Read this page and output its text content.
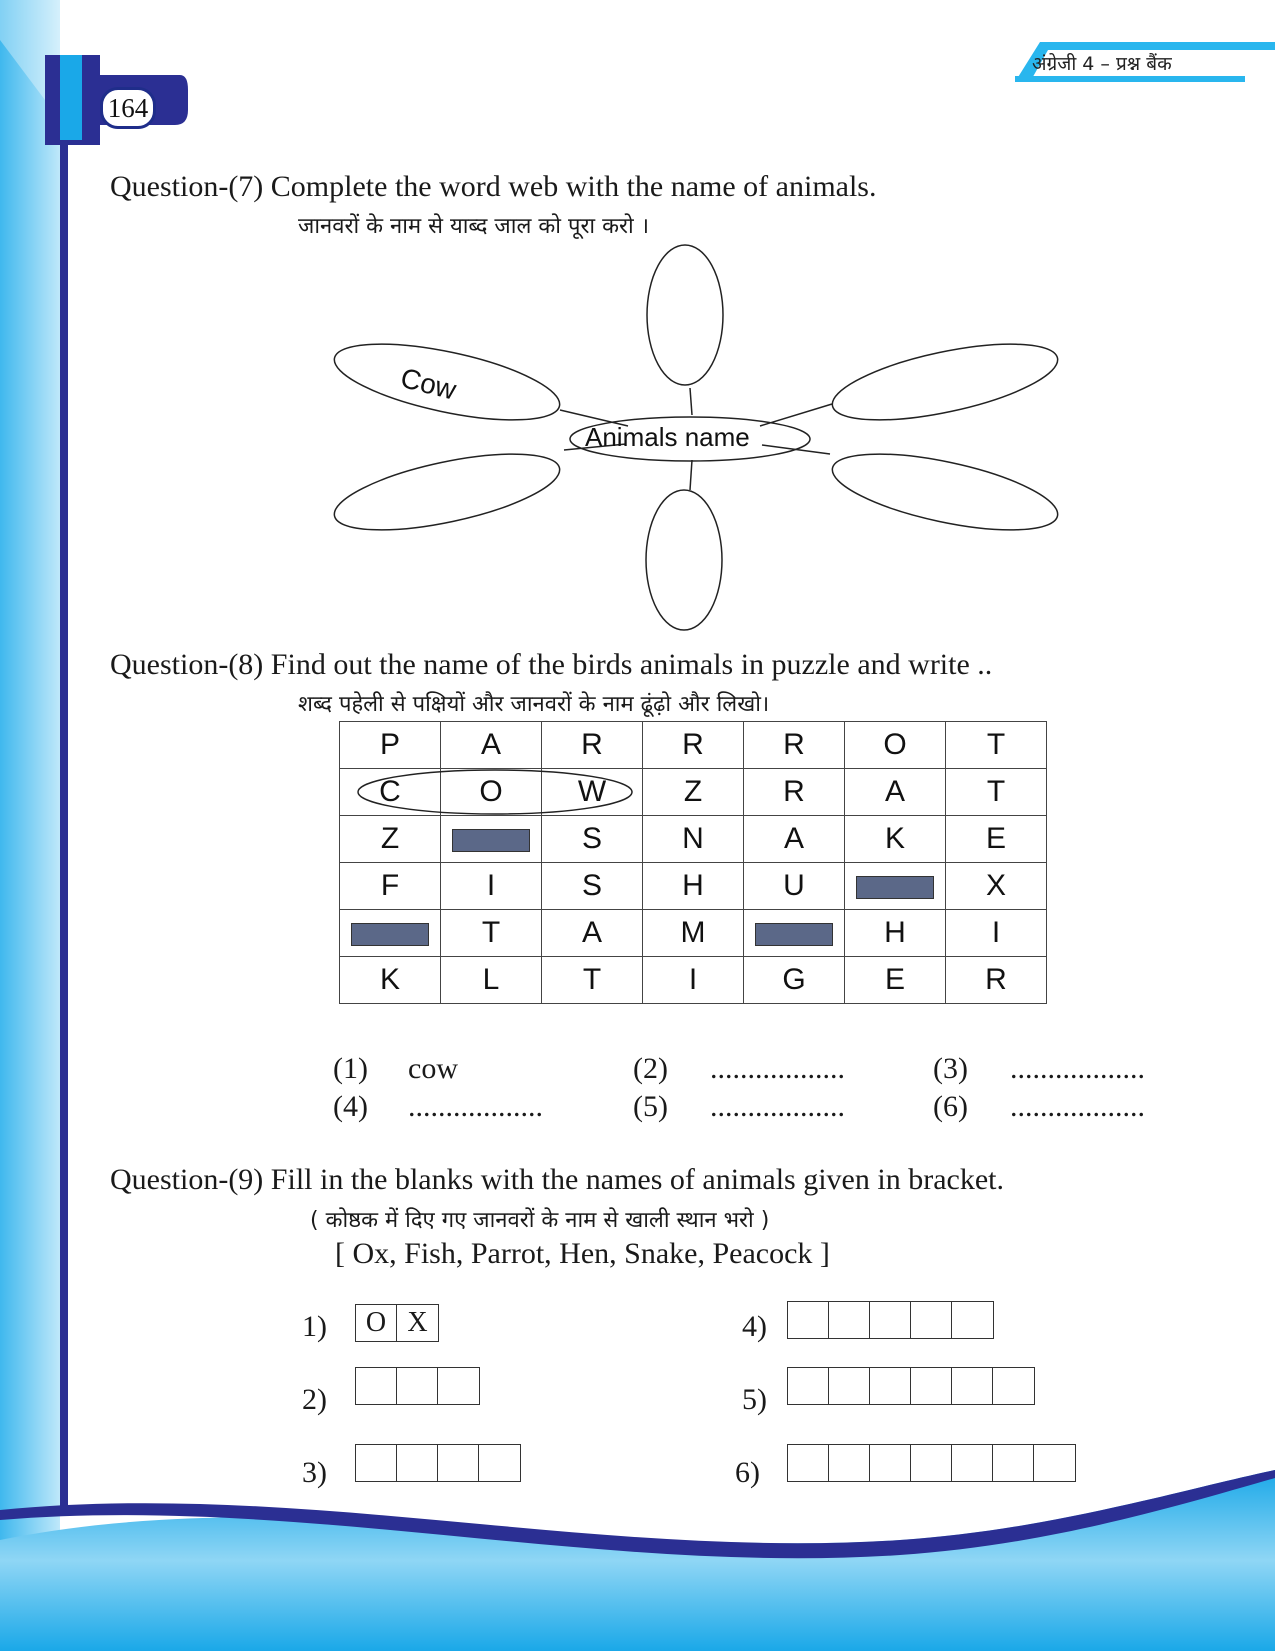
164
अंग्रेजी 4 – प्रश्न बैंक
Question-(7) Complete the word web with the name of animals.
जानवरों के नाम से याब्द जाल को पूरा करो ।
Animals name
Cow
Question-(8) Find out the name of the birds animals in puzzle and write ..
शब्द पहेली से पक्षियों और जानवरों के नाम ढूंढ़ो और लिखो।
P	A	R	R	R	O	T
C	O	W	Z	R	A	T
Z		S	N	A	K	E
F	I	S	H	U		X
	T	A	M		H	I
K	L	T	I	G	E	R
(1) cow	(2) ..................	(3) ..................
(4) ..................	(5) ..................	(6) ..................
Question-(9) Fill in the blanks with the names of animals given in bracket.
( कोष्ठक में दिए गए जानवरों के नाम से खाली स्थान भरो )
[ Ox, Fish, Parrot, Hen, Snake, Peacock ]
1)	O X
2)
3)
4)
5)
6)
